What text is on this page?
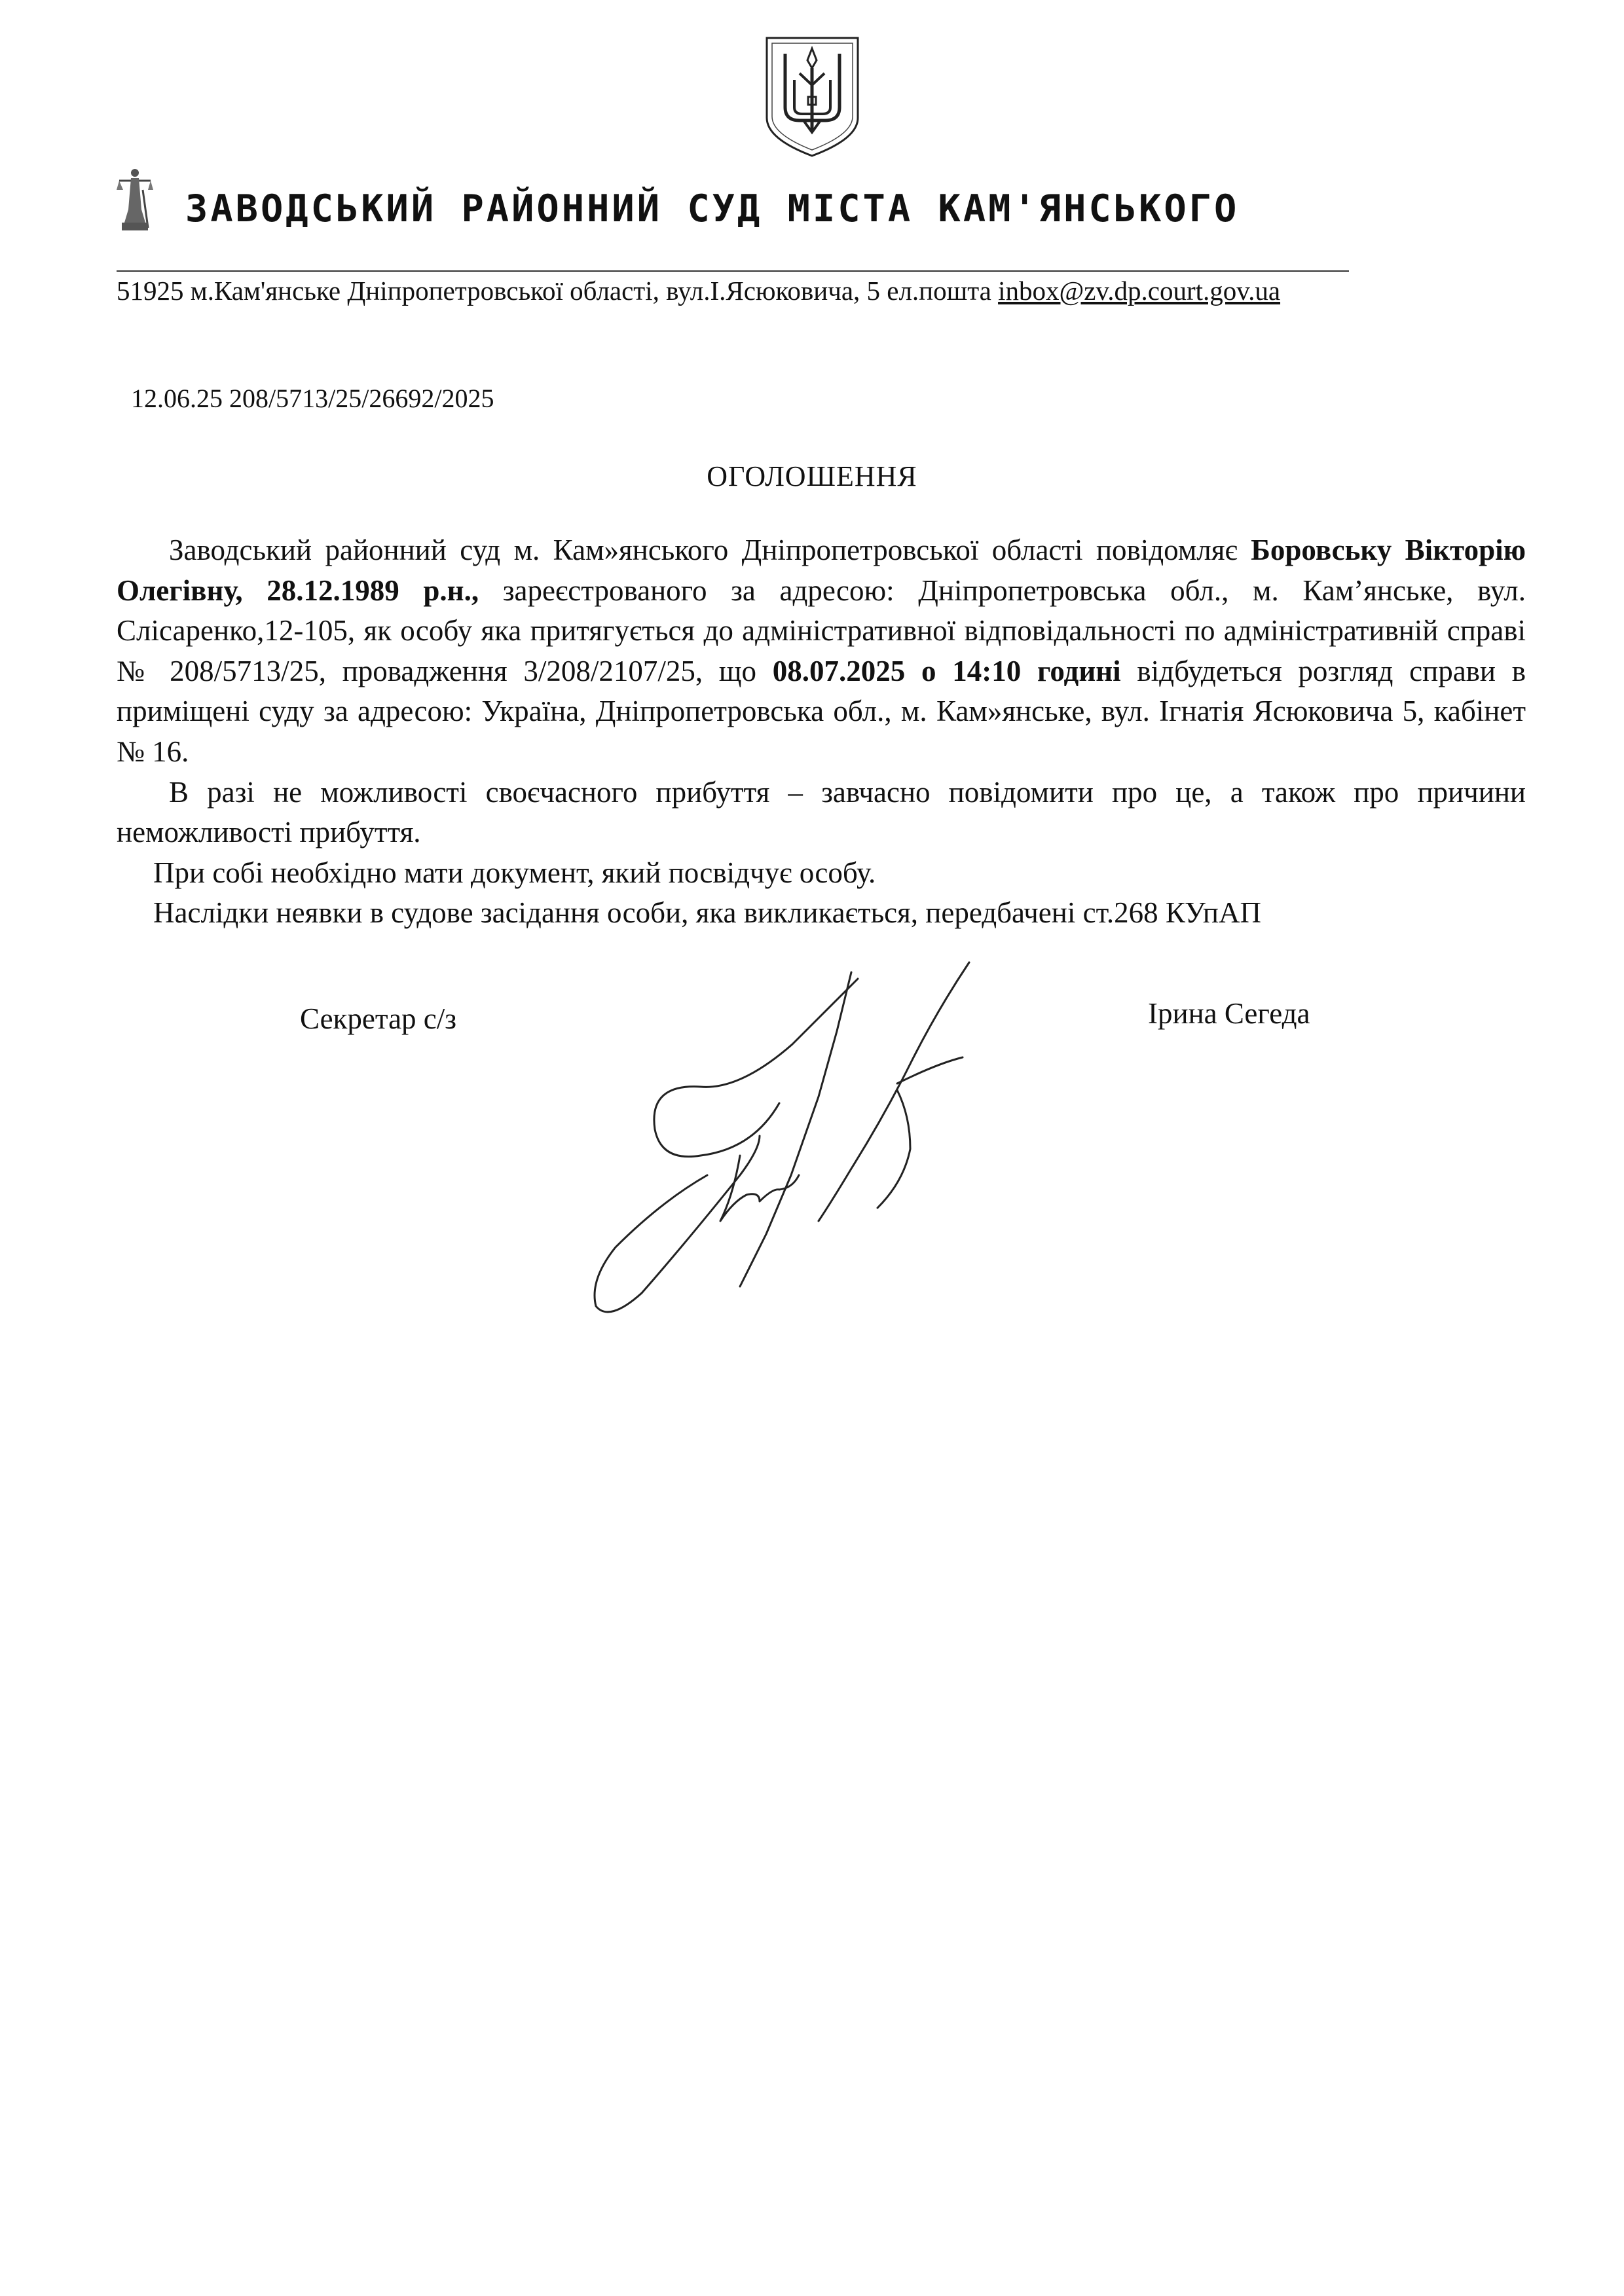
ЗАВОДСЬКИЙ РАЙОННИЙ СУД МІСТА КАМ'ЯНСЬКОГО
51925 м.Кам'янське Дніпропетровської області, вул.І.Ясюковича, 5 ел.пошта inbox@zv.dp.court.gov.ua
12.06.25 208/5713/25/26692/2025
ОГОЛОШЕННЯ

Заводський районний суд м. Кам»янського Дніпропетровської області повідомляє Боровську Вікторію Олегівну, 28.12.1989 р.н., зареєстрованого за адресою: Дніпропетровська обл., м. Кам’янське, вул. Слісаренко,12-105, як особу яка притягується до адміністративної відповідальності по адміністративній справі № 208/5713/25, провадження 3/208/2107/25, що 08.07.2025 о 14:10 годині відбудеться розгляд справи в приміщені суду за адресою: Україна, Дніпропетровська обл., м. Кам»янське, вул. Ігнатія Ясюковича 5, кабінет № 16.

В разі не можливості своєчасного прибуття – завчасно повідомити про це, а також про причини неможливості прибуття.

При собі необхідно мати документ, який посвідчує особу.

Наслідки неявки в судове засідання особи, яка викликається, передбачені ст.268 КУпАП

Секретар с/з	Ірина Сегеда
